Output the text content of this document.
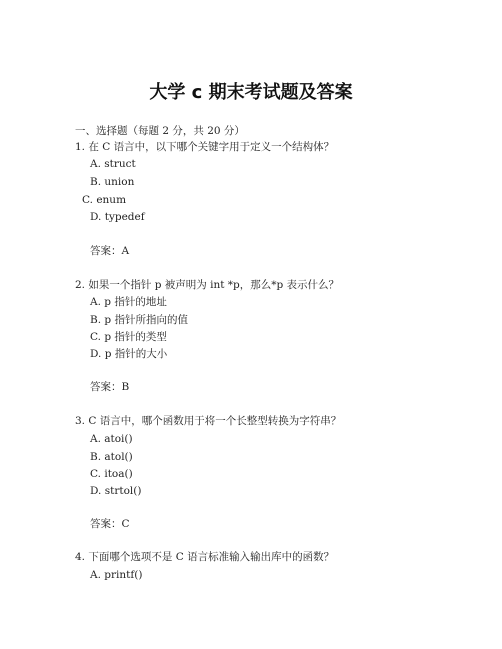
大学 c 期末考试题及答案
一、选择题（每题 2 分，共 20 分）
1. 在 C 语言中，以下哪个关键字用于定义一个结构体？
A. struct
B. union
C. enum
D. typedef
答案：A
2. 如果一个指针 p 被声明为 int *p，那么*p 表示什么？
A. p 指针的地址
B. p 指针所指向的值
C. p 指针的类型
D. p 指针的大小
答案：B
3. C 语言中，哪个函数用于将一个长整型转换为字符串？
A. atoi()
B. atol()
C. itoa()
D. strtol()
答案：C
4. 下面哪个选项不是 C 语言标准输入输出库中的函数？
A. printf()
